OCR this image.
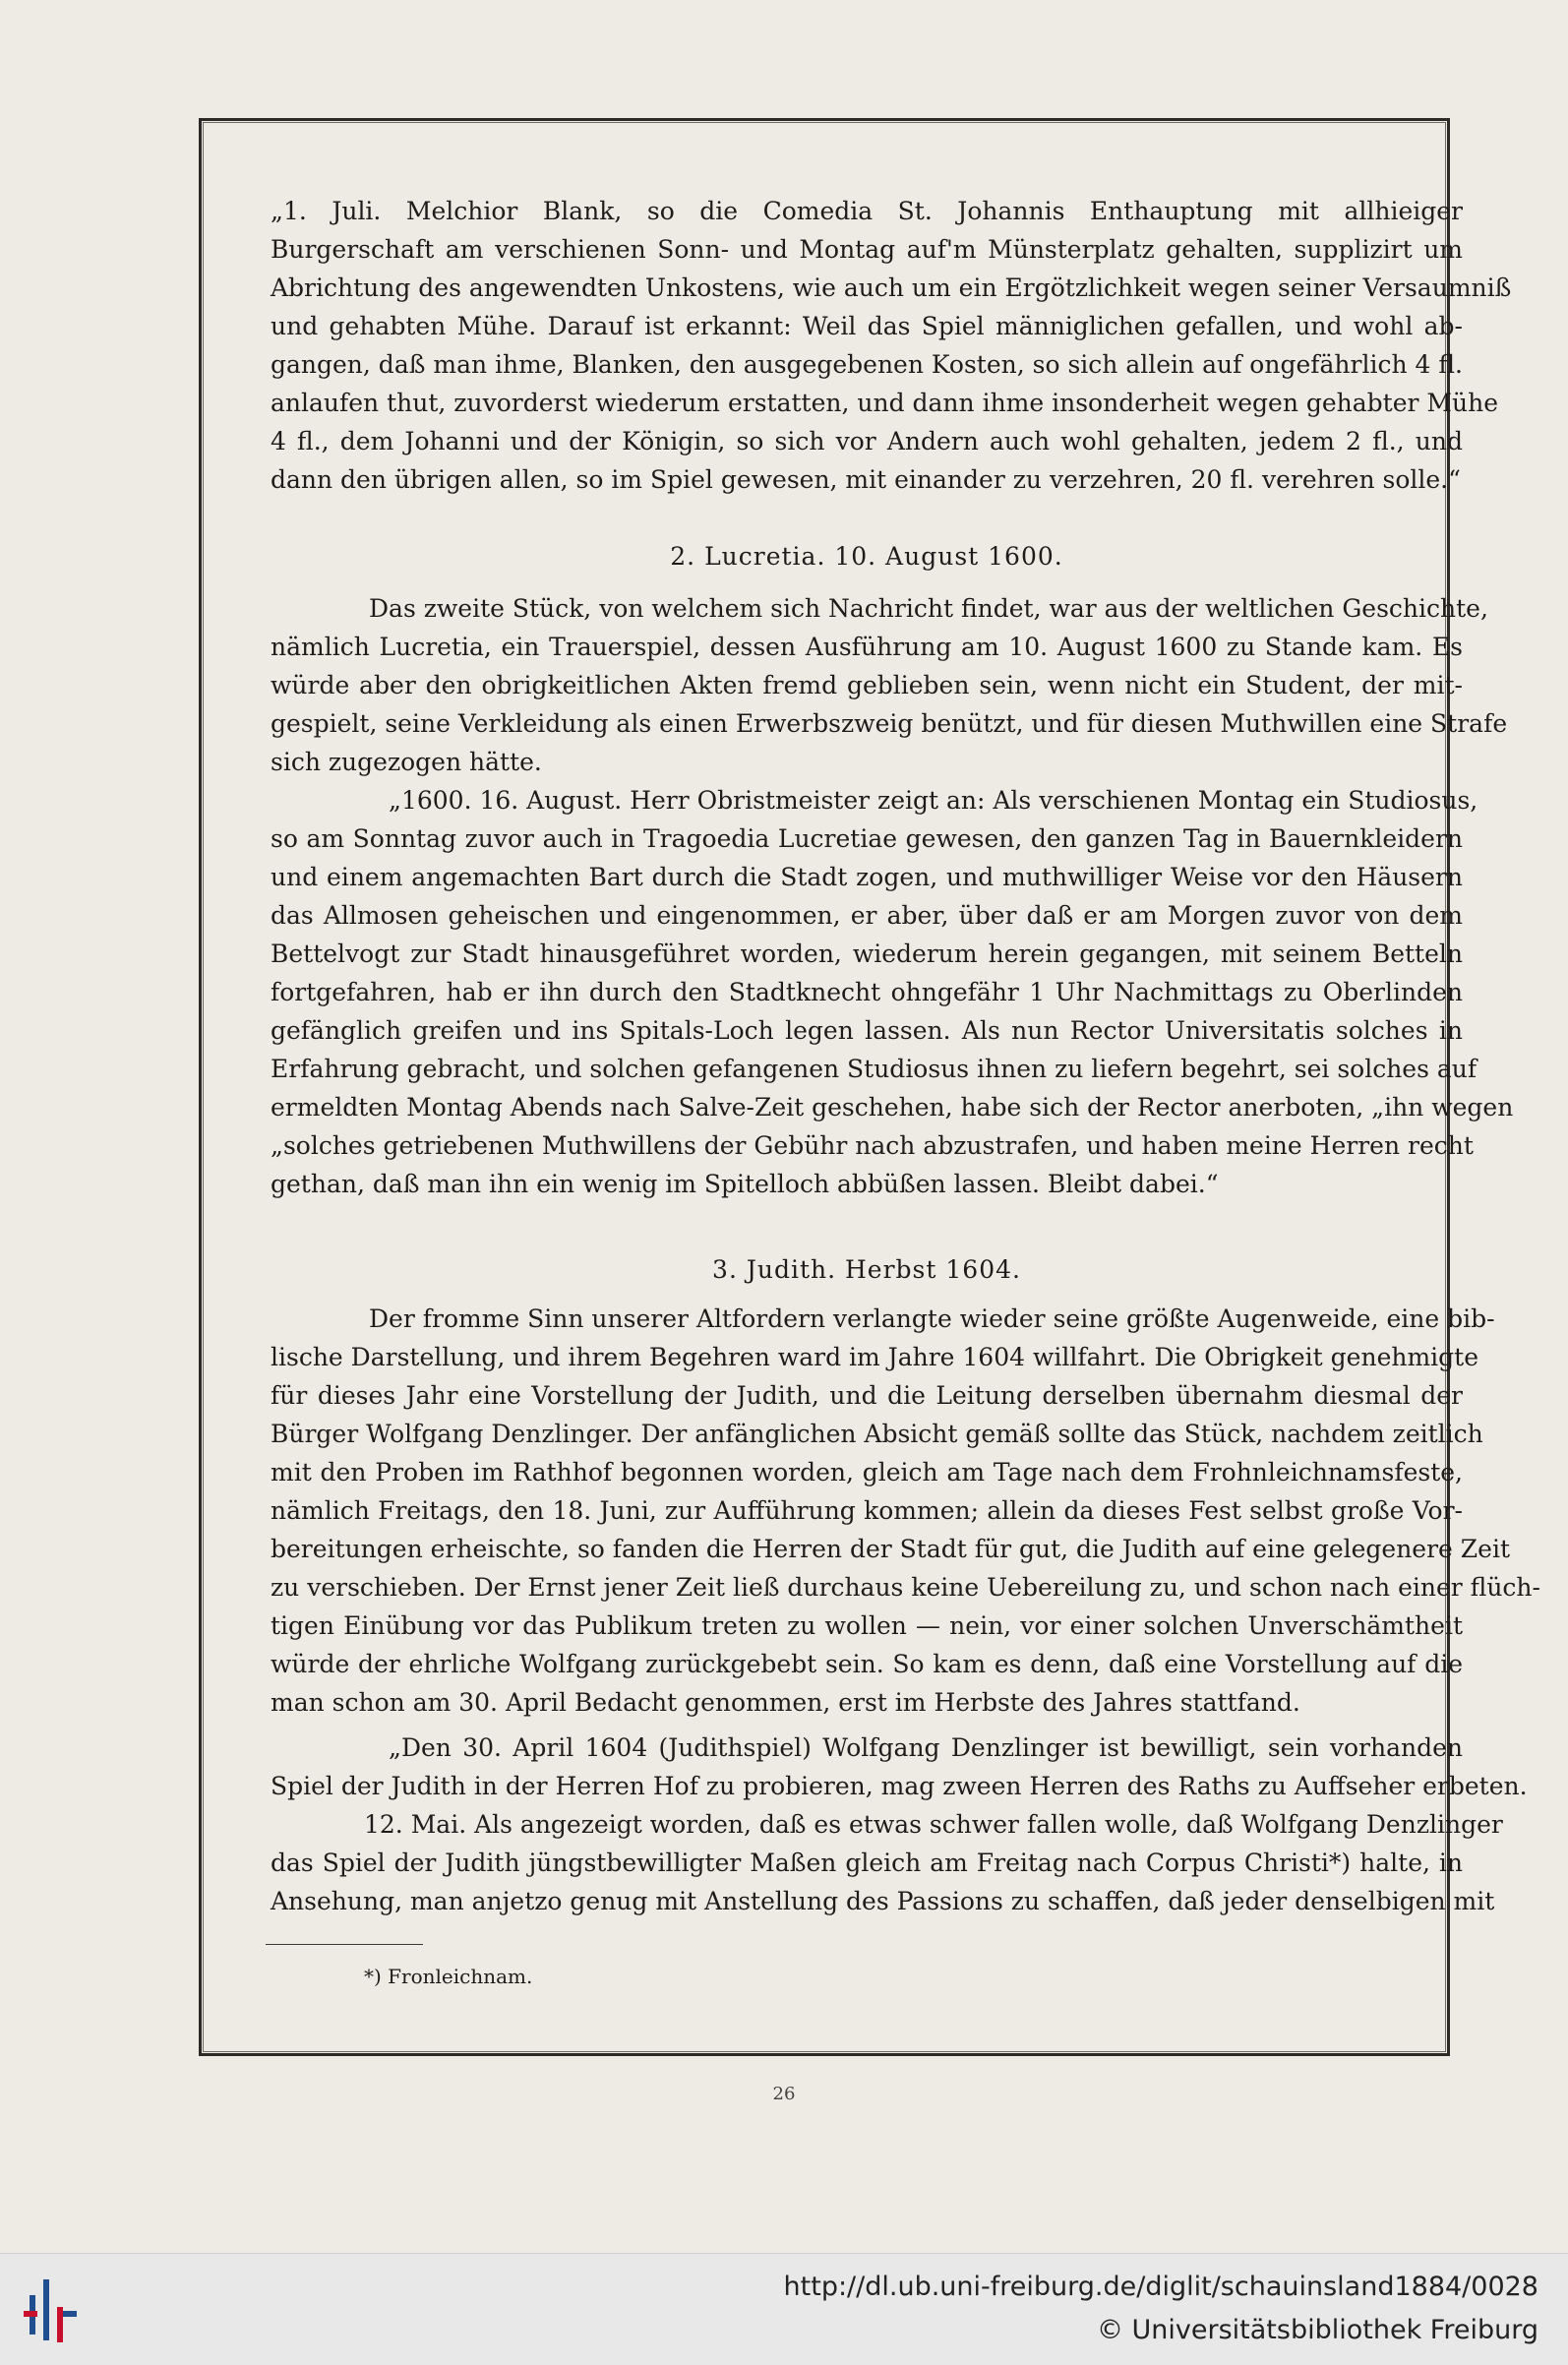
„1. Juli. Melchior Blank, so die Comedia St. Johannis Enthauptung mit allhieiger
Burgerschaft am verschienen Sonn- und Montag auf'm Münsterplatz gehalten, supplizirt um
Abrichtung des angewendten Unkostens, wie auch um ein Ergötzlichkeit wegen seiner Versaumniß
und gehabten Mühe. Darauf ist erkannt: Weil das Spiel männiglichen gefallen, und wohl ab-
gangen, daß man ihme, Blanken, den ausgegebenen Kosten, so sich allein auf ongefährlich 4 fl.
anlaufen thut, zuvorderst wiederum erstatten, und dann ihme insonderheit wegen gehabter Mühe
4 fl., dem Johanni und der Königin, so sich vor Andern auch wohl gehalten, jedem 2 fl., und
dann den übrigen allen, so im Spiel gewesen, mit einander zu verzehren, 20 fl. verehren solle.“
2. Lucretia. 10. August 1600.
Das zweite Stück, von welchem sich Nachricht findet, war aus der weltlichen Geschichte,
nämlich Lucretia, ein Trauerspiel, dessen Ausführung am 10. August 1600 zu Stande kam. Es
würde aber den obrigkeitlichen Akten fremd geblieben sein, wenn nicht ein Student, der mit-
gespielt, seine Verkleidung als einen Erwerbszweig benützt, und für diesen Muthwillen eine Strafe
sich zugezogen hätte.
„1600. 16. August. Herr Obristmeister zeigt an: Als verschienen Montag ein Studiosus,
so am Sonntag zuvor auch in Tragoedia Lucretiae gewesen, den ganzen Tag in Bauernkleidern
und einem angemachten Bart durch die Stadt zogen, und muthwilliger Weise vor den Häusern
das Allmosen geheischen und eingenommen, er aber, über daß er am Morgen zuvor von dem
Bettelvogt zur Stadt hinausgeführet worden, wiederum herein gegangen, mit seinem Betteln
fortgefahren, hab er ihn durch den Stadtknecht ohngefähr 1 Uhr Nachmittags zu Oberlinden
gefänglich greifen und ins Spitals-Loch legen lassen. Als nun Rector Universitatis solches in
Erfahrung gebracht, und solchen gefangenen Studiosus ihnen zu liefern begehrt, sei solches auf
ermeldten Montag Abends nach Salve-Zeit geschehen, habe sich der Rector anerboten, „ihn wegen
„solches getriebenen Muthwillens der Gebühr nach abzustrafen, und haben meine Herren recht
gethan, daß man ihn ein wenig im Spitelloch abbüßen lassen. Bleibt dabei.“
3. Judith. Herbst 1604.
Der fromme Sinn unserer Altfordern verlangte wieder seine größte Augenweide, eine bib-
lische Darstellung, und ihrem Begehren ward im Jahre 1604 willfahrt. Die Obrigkeit genehmigte
für dieses Jahr eine Vorstellung der Judith, und die Leitung derselben übernahm diesmal der
Bürger Wolfgang Denzlinger. Der anfänglichen Absicht gemäß sollte das Stück, nachdem zeitlich
mit den Proben im Rathhof begonnen worden, gleich am Tage nach dem Frohnleichnamsfeste,
nämlich Freitags, den 18. Juni, zur Aufführung kommen; allein da dieses Fest selbst große Vor-
bereitungen erheischte, so fanden die Herren der Stadt für gut, die Judith auf eine gelegenere Zeit
zu verschieben. Der Ernst jener Zeit ließ durchaus keine Uebereilung zu, und schon nach einer flüch-
tigen Einübung vor das Publikum treten zu wollen — nein, vor einer solchen Unverschämtheit
würde der ehrliche Wolfgang zurückgebebt sein. So kam es denn, daß eine Vorstellung auf die
man schon am 30. April Bedacht genommen, erst im Herbste des Jahres stattfand.
„Den 30. April 1604 (Judithspiel) Wolfgang Denzlinger ist bewilligt, sein vorhanden
Spiel der Judith in der Herren Hof zu probieren, mag zween Herren des Raths zu Auffseher erbeten.
12. Mai. Als angezeigt worden, daß es etwas schwer fallen wolle, daß Wolfgang Denzlinger
das Spiel der Judith jüngstbewilligter Maßen gleich am Freitag nach Corpus Christi*) halte, in
Ansehung, man anjetzo genug mit Anstellung des Passions zu schaffen, daß jeder denselbigen mit
*) Fronleichnam.
26
http://dl.ub.uni-freiburg.de/diglit/schauinsland1884/0028
© Universitätsbibliothek Freiburg
